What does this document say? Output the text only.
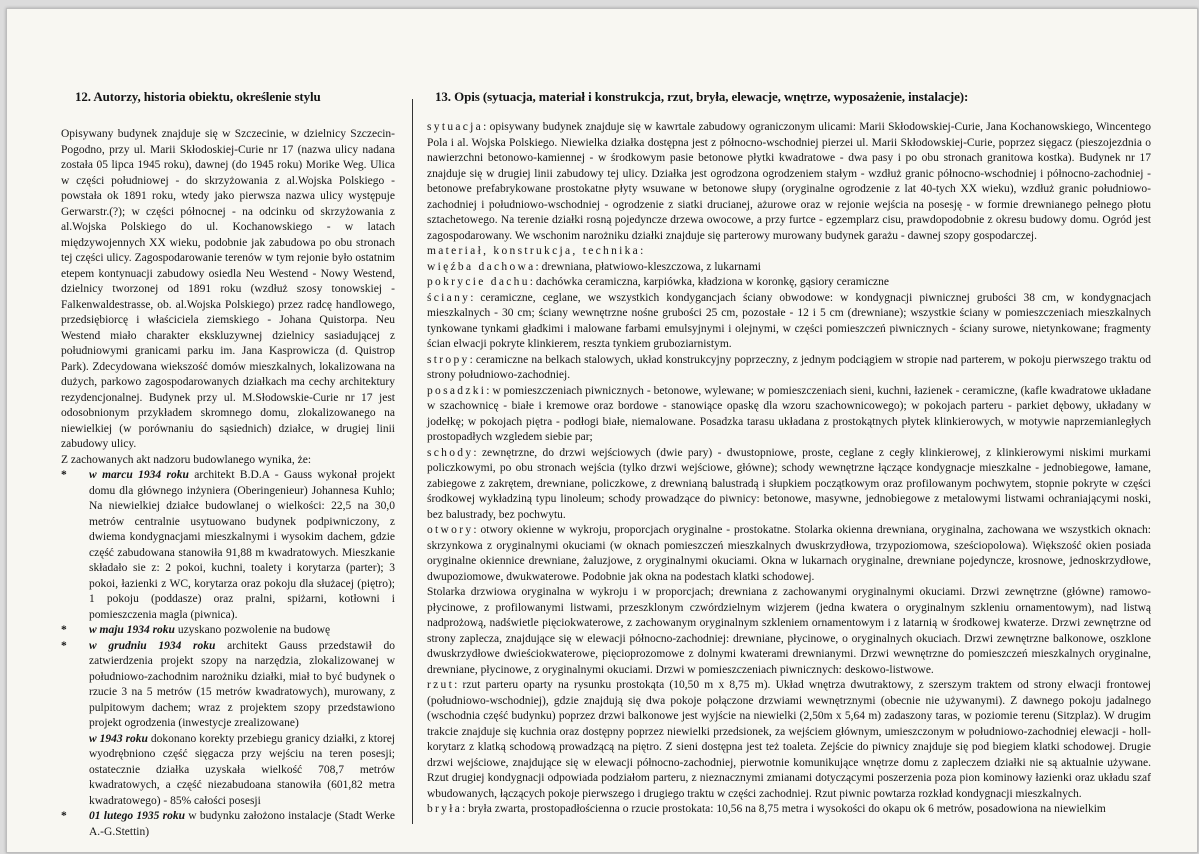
12. Autorzy, historia obiektu, określenie stylu

Opisywany budynek znajduje się w Szczecinie, w dzielnicy Szczecin-Pogodno, przy ul. Marii Skłodoskiej-Curie nr 17 (nazwa ulicy nadana została 05 lipca 1945 roku), dawnej (do 1945 roku) Morike Weg. Ulica w części południowej - do skrzyżowania z al.Wojska Polskiego - powstała ok 1891 roku, wtedy jako pierwsza nazwa ulicy występuje Gerwarstr.(?); w części północnej - na odcinku od skrzyżowania z al.Wojska Polskiego do ul. Kochanowskiego - w latach międzywojennych XX wieku, podobnie jak zabudowa po obu stronach tej części ulicy. Zagospodarowanie terenów w tym rejonie było ostatnim etepem kontynuacji zabudowy osiedla Neu Westend - Nowy Westend, dzielnicy tworzonej od 1891 roku (wzdłuż szosy tonowskiej - Falkenwaldestrasse, ob. al.Wojska Polskiego) przez radcę handlowego, przedsiębiorcę i właściciela ziemskiego - Johana Quistorpa. Neu Westend miało charakter ekskluzywnej dzielnicy sasiadującej z południowymi granicami parku im. Jana Kasprowicza (d. Quistrop Park). Zdecydowana wiekszość domów mieszkalnych, lokalizowana na dużych, parkowo zagospodarowanych działkach ma cechy architektury rezydencjonalnej. Budynek przy ul. M.Słodowskie-Curie nr 17 jest odosobnionym przykładem skromnego domu, zlokalizowanego na niewielkiej (w porównaniu do sąsiednich) działce, w drugiej linii zabudowy ulicy.

Z zachowanych akt nadzoru budowlanego wynika, że:

* w marcu 1934 roku architekt B.D.A - Gauss wykonał projekt domu dla głównego inżyniera (Oberingenieur) Johannesa Kuhlo; Na niewielkiej działce budowlanej o wielkości: 22,5 na 30,0 metrów centralnie usytuowano budynek podpiwniczony, z dwiema kondygnacjami mieszkalnymi i wysokim dachem, gdzie część zabudowana stanowiła 91,88 m kwadratowych. Mieszkanie składało sie z: 2 pokoi, kuchni, toalety i korytarza (parter); 3 pokoi, łazienki z WC, korytarza oraz pokoju dla służacej (piętro); 1 pokoju (poddasze) oraz pralni, spiżarni, kotłowni i pomieszczenia magla (piwnica).
* w maju 1934 roku uzyskano pozwolenie na budowę
* w grudniu 1934 roku architekt Gauss przedstawił do zatwierdzenia projekt szopy na narzędzia, zlokalizowanej w południowo-zachodnim narożniku działki, miał to być budynek o rzucie 3 na 5 metrów (15 metrów kwadratowych), murowany, z pulpitowym dachem; wraz z projektem szopy przedstawiono projekt ogrodzenia (inwestycje zrealizowane)
w 1943 roku dokonano korekty przebiegu granicy działki, z ktorej wyodrębniono część sięgacza przy wejściu na teren posesji; ostatecznie działka uzyskała wielkość 708,7 metrów kwadratowych, a część niezabudoana stanowiła (601,82 metra kwadratowego) - 85% całości posesji
* 01 lutego 1935 roku w budynku założono instalacje (Stadt Werke A.-G.Stettin)
13. Opis (sytuacja, materiał i konstrukcja, rzut, bryła, elewacje, wnętrze, wyposażenie, instalacje):

sytuacja: opisywany budynek znajduje się w kawrtale zabudowy ograniczonym ulicami: Marii Skłodowskiej-Curie, Jana Kochanowskiego, Wincentego Pola i al. Wojska Polskiego. Niewielka działka dostępna jest z północno-wschodniej pierzei ul. Marii Skłodowskiej-Curie, poprzez sięgacz (pieszojezdnia o nawierzchni betonowo-kamiennej - w środkowym pasie betonowe płytki kwadratowe - dwa pasy i po obu stronach granitowa kostka). Budynek nr 17 znajduje się w drugiej linii zabudowy tej ulicy. Działka jest ogrodzona ogrodzeniem stałym - wzdłuż granic północno-wschodniej i północno-zachodniej - betonowe prefabrykowane prostokatne płyty wsuwane w betonowe słupy (oryginalne ogrodzenie z lat 40-tych XX wieku), wzdłuż granic południowo-zachodniej i południowo-wschodniej - ogrodzenie z siatki drucianej, ażurowe oraz w rejonie wejścia na posesję - w formie drewnianego pełnego płotu sztachetowego. Na terenie działki rosną pojedyncze drzewa owocowe, a przy furtce - egzemplarz cisu, prawdopodobnie z okresu budowy domu. Ogród jest zagospodarowany. We wschonim narożniku działki znajduje się parterowy murowany budynek garażu - dawnej szopy gospodarczej.

materiał, konstrukcja, technika:

więźba dachowa: drewniana, płatwiowo-kleszczowa, z lukarnami

pokrycie dachu: dachówka ceramiczna, karpiówka, kładziona w koronkę, gąsiory ceramiczne

ściany: ceramiczne, ceglane, we wszystkich kondygancjach ściany obwodowe: w kondygnacji piwnicznej grubości 38 cm, w kondygnacjach mieszkalnych - 30 cm; ściany wewnętrzne nośne grubości 25 cm, pozostałe - 12 i 5 cm (drewniane); wszystkie ściany w pomieszczeniach mieszkalnych tynkowane tynkami gładkimi i malowane farbami emulsyjnymi i olejnymi, w części pomieszczeń piwnicznych - ściany surowe, nietynkowane; fragmenty ścian elwacji pokryte klinkierem, reszta tynkiem gruboziarnistym.

stropy: ceramiczne na belkach stalowych, układ konstrukcyjny poprzeczny, z jednym podciągiem w stropie nad parterem, w pokoju pierwszego traktu od strony południowo-zachodniej.

posadzki: w pomieszczeniach piwnicznych - betonowe, wylewane; w pomieszczeniach sieni, kuchni, łazienek - ceramiczne, (kafle kwadratowe układane w szachownicę - białe i kremowe oraz bordowe - stanowiące opaskę dla wzoru szachownicowego); w pokojach parteru - parkiet dębowy, układany w jodełkę; w pokojach piętra - podłogi białe, niemalowane. Posadzka tarasu układana z prostokątnych płytek klinkierowych, w motywie naprzemianległych prostopadłych wzgledem siebie par;

schody: zewnętrzne, do drzwi wejściowych (dwie pary) - dwustopniowe, proste, ceglane z cegły klinkierowej, z klinkierowymi niskimi murkami policzkowymi, po obu stronach wejścia (tylko drzwi wejściowe, główne); schody wewnętrzne łączące kondygnacje mieszkalne - jednobiegowe, łamane, zabiegowe z zakrętem, drewniane, policzkowe, z drewnianą balustradą i słupkiem początkowym oraz profilowanym pochwytem, stopnie pokryte w części środkowej wykładziną typu linoleum; schody prowadzące do piwnicy: betonowe, masywne, jednobiegowe z metalowymi listwami ochraniającymi noski, bez balustrady, bez pochwytu.

otwory: otwory okienne w wykroju, proporcjach oryginalne - prostokatne. Stolarka okienna drewniana, oryginalna, zachowana we wszystkich oknach: skrzynkowa z oryginalnymi okuciami (w oknach pomieszczeń mieszkalnych dwuskrzydłowa, trzypoziomowa, sześciopolowa). Większość okien posiada oryginalne okiennice drewniane, żaluzjowe, z oryginalnymi okuciami. Okna w lukarnach oryginalne, drewniane pojedyncze, krosnowe, jednoskrzydłowe, dwupoziomowe, dwukwaterowe. Podobnie jak okna na podestach klatki schodowej.

Stolarka drzwiowa oryginalna w wykroju i w proporcjach; drewniana z zachowanymi oryginalnymi okuciami. Drzwi zewnętrzne (główne) ramowo-płycinowe, z profilowanymi listwami, przeszklonym czwórdzielnym wizjerem (jedna kwatera o oryginalnym szkleniu ornamentowym), nad listwą nadprożową, nadświetle pięciokwaterowe, z zachowanym oryginalnym szkleniem ornamentowym i z latarnią w środkowej kwaterze. Drzwi zewnętrzne od strony zaplecza, znajdujące się w elewacji północno-zachodniej: drewniane, płycinowe, o oryginalnych okuciach. Drzwi zewnętrzne balkonowe, oszklone dwuskrzydłowe dwieściokwaterowe, pięcioprozomowe z dolnymi kwaterami drewnianymi. Drzwi wewnętrzne do pomieszczeń mieszkalnych oryginalne, drewniane, płycinowe, z oryginalnymi okuciami. Drzwi w pomieszczeniach piwnicznych: deskowo-listwowe.

rzut: rzut parteru oparty na rysunku prostokąta (10,50 m x 8,75 m). Układ wnętrza dwutraktowy, z szerszym traktem od strony elwacji frontowej (południowo-wschodniej), gdzie znajdują się dwa pokoje połączone drzwiami wewnętrznymi (obecnie nie używanymi). Z dawnego pokoju jadalnego (wschodnia część budynku) poprzez drzwi balkonowe jest wyjście na niewielki (2,50m x 5,64 m) zadaszony taras, w poziomie terenu (Sitzplaz). W drugim trakcie znajduje się kuchnia oraz dostępny poprzez niewielki przedsionek, za wejściem głównym, umieszczonym w południowo-zachodniej elewacji - holl-korytarz z klatką schodową prowadzącą na piętro. Z sieni dostępna jest też toaleta. Zejście do piwnicy znajduje się pod biegiem klatki schodowej. Drugie drzwi wejściowe, znajdujące się w elewacji północno-zachodniej, pierwotnie komunikujące wnętrze domu z zapleczem działki nie są aktualnie używane. Rzut drugiej kondygnacji odpowiada podziałom parteru, z nieznacznymi zmianami dotyczącymi poszerzenia poza pion kominowy łazienki oraz układu szaf wbudowanych, łączących pokoje pierwszego i drugiego traktu w części zachodniej. Rzut piwnic powtarza rozkład kondygnacji mieszkalnych.

bryła: bryła zwarta, prostopadłościenna o rzucie prostokata: 10,56 na 8,75 metra i wysokości do okapu ok 6 metrów, posadowiona na niewielkim
